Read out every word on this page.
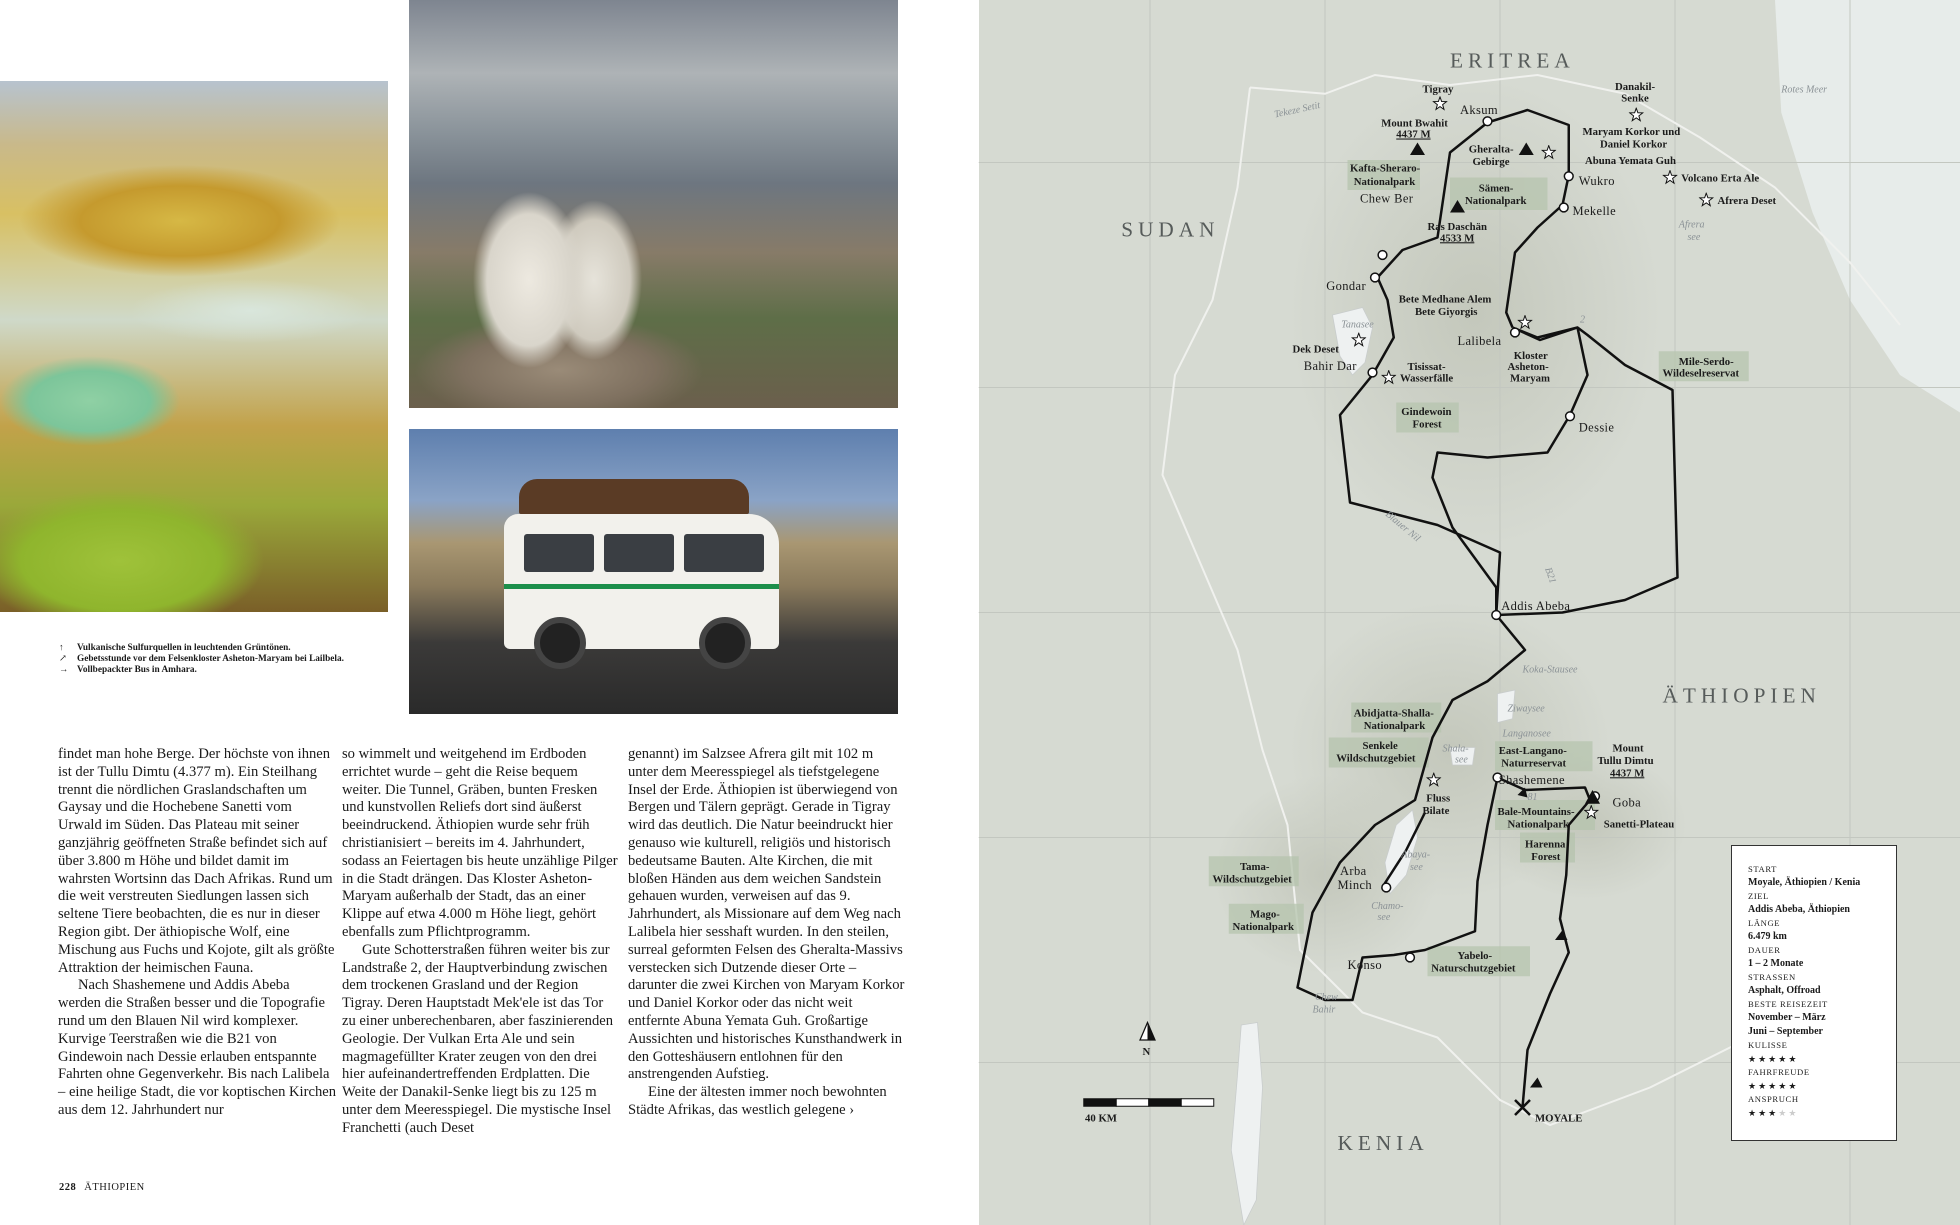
↑	Vulkanische Sulfurquellen in leuchtenden Grüntönen.
↗	Gebetsstunde vor dem Felsenkloster Asheton-Maryam bei Lailbela.
→ Vollbepackter Bus in Amhara.

findet man hohe Berge. Der höchste von ihnen ist der Tullu Dimtu (4.377 m). Ein Steilhang trennt die nördlichen Graslandschaften um Gaysay und die Hochebene Sanetti vom Urwald im Süden. Das Plateau mit seiner ganzjährig geöffneten Straße befindet sich auf über 3.800 m Höhe und bildet damit im wahrsten Wortsinn das Dach Afrikas. Rund um die weit verstreuten Siedlungen lassen sich seltene Tiere beobachten, die es nur in dieser Region gibt. Der äthiopische Wolf, eine Mischung aus Fuchs und Kojote, gilt als größte Attraktion der heimischen Fauna.

Nach Shashemene und Addis Abeba werden die Straßen besser und die Topografie rund um den Blauen Nil wird komplexer. Kurvige Teerstraßen wie die B21 von Gindewoin nach Dessie erlauben entspannte Fahrten ohne Gegenverkehr. Bis nach Lalibela – eine heilige Stadt, die vor koptischen Kirchen aus dem 12. Jahrhundert nur

so wimmelt und weitgehend im Erdboden errichtet wurde – geht die Reise bequem weiter. Die Tunnel, Gräben, bunten Fresken und kunstvollen Reliefs dort sind äußerst beeindruckend. Äthiopien wurde sehr früh christianisiert – bereits im 4. Jahrhundert, sodass an Feiertagen bis heute unzählige Pilger in die Stadt drängen. Das Kloster Asheton-Maryam außerhalb der Stadt, das an einer Klippe auf etwa 4.000 m Höhe liegt, gehört ebenfalls zum Pflichtprogramm.

Gute Schotterstraßen führen weiter bis zur Landstraße 2, der Hauptverbindung zwischen dem trockenen Grasland und der Region Tigray. Deren Hauptstadt Mek'ele ist das Tor zu einer unberechenbaren, aber faszinierenden Geologie. Der Vulkan Erta Ale und sein magmagefüllter Krater zeugen von den drei hier aufeinandertreffenden Erdplatten. Die Weite der Danakil-Senke liegt bis zu 125 m unter dem Meeresspiegel. Die mystische Insel Franchetti (auch Deset

genannt) im Salzsee Afrera gilt mit 102 m unter dem Meeresspiegel als tiefstgelegene Insel der Erde. Äthiopien ist überwiegend von Bergen und Tälern geprägt. Gerade in Tigray wird das deutlich. Die Natur beeindruckt hier genauso wie kulturell, religiös und historisch bedeutsame Bauten. Alte Kirchen, die mit bloßen Händen aus dem weichen Sandstein gehauen wurden, verweisen auf das 9. Jahrhundert, als Missionare auf dem Weg nach Lalibela hier sesshaft wurden. In den steilen, surreal geformten Felsen des Gheralta-Massivs verstecken sich Dutzende dieser Orte – darunter die zwei Kirchen von Maryam Korkor und Daniel Korkor oder das nicht weit entfernte Abuna Yemata Guh. Großartige Aussichten und historisches Kunsthandwerk in den Gotteshäusern entlohnen für den anstrengenden Aufstieg.

Eine der ältesten immer noch bewohnten Städte Afrikas, das westlich gelegene ›

228 ÄTHIOPIEN
ERITREA
SUDAN
ÄTHIOPIEN
KENIA
Rotes Meer
Tekeze Setit
Tanasee
Afrera
see
Blauer Nil
Koka-Stausee
Ziwaysee
Langanosee
Shala-
see
Abaya-
see
Chamo-
see
Chew
Bahir
Tigray
Mount Bwahit
4437 M
Aksum
Danakil-
Senke
Gheralta-
Gebirge
Maryam Korkor und
Daniel Korkor
Abuna Yemata Guh
Kafta-Sheraro-
Nationalpark
Chew Ber
Wukro	Volcano Erta Ale
Afrera Deset
Sämen-
Nationalpark
Mekelle
Ras Daschän
4533 M
Gondar
Bete Medhane Alem
Bete Giyorgis
Lalibela
Dek Deset
Bahir Dar	Tisissat-
Wasserfälle
Kloster
Asheton-
Maryam
Mile-Serdo-
Wildeselreservat
Gindewoin
Forest	Dessie
B21
2
Addis Abeba
Abidjatta-Shalla-
Nationalpark
Senkele
Wildschutzgebiet
East-Langano-
Naturreservat
Mount
Tullu Dimtu
4437 M
Shashemene
81
Fluss
Bilate
Goba
Bale-Mountains-
Nationalpark	Sanetti-Plateau
Harenna
Forest
Tama-
Wildschutzgebiet
Arba
Minch
Mago-
Nationalpark
Konso
Yabelo-
Naturschutzgebiet
MOYALE
N
40 KM
START
Moyale, Äthiopien / Kenia
ZIEL
Addis Abeba, Äthiopien
LÄNGE
6.479 km
DAUER
1 – 2 Monate
STRASSEN
Asphalt, Offroad
BESTE REISEZEIT
November – März
Juni – September
KULISSE
★★★★★
FAHRFREUDE
★★★★★
ANSPRUCH
★★★★★
